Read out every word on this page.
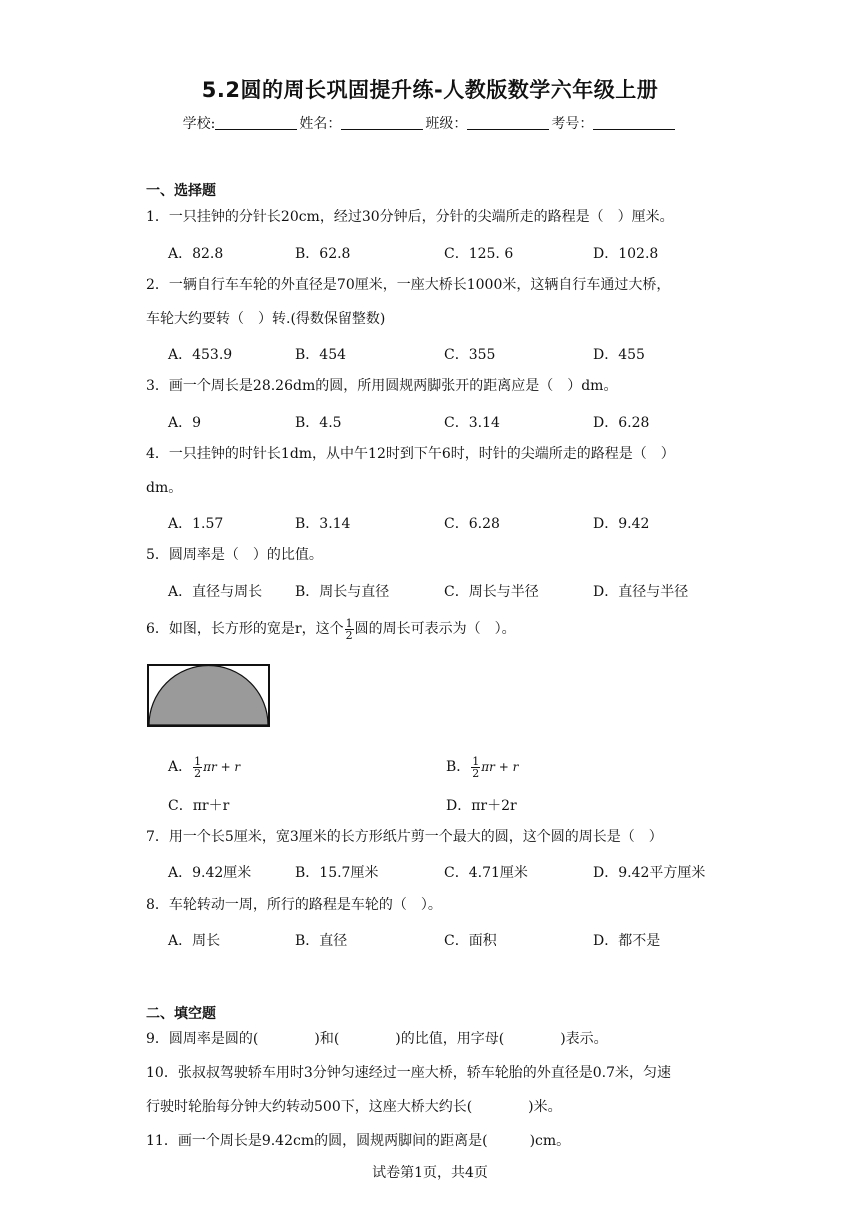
5.2圆的周长巩固提升练-人教版数学六年级上册
学校:	姓名：	班级：	考号：
一、选择题
1．一只挂钟的分针长20cm，经过30分钟后，分针的尖端所走的路程是（　）厘米。
A．82.8	B．62.8	C．125. 6	D．102.8
2．一辆自行车车轮的外直径是70厘米，一座大桥长1000米，这辆自行车通过大桥，
车轮大约要转（　）转.(得数保留整数)
A．453.9	B．454	C．355	D．455
3．画一个周长是28.26dm的圆，所用圆规两脚张开的距离应是（　）dm。
A．9	B．4.5	C．3.14	D．6.28
4．一只挂钟的时针长1dm，从中午12时到下午6时，时针的尖端所走的路程是（　）
dm。
A．1.57	B．3.14	C．6.28	D．9.42
5．圆周率是（　）的比值。
A．直径与周长 B．周长与直径	C．周长与半径	D．直径与半径
6．如图，长方形的宽是r，这个 $\frac{1}{2}$ 圆的周长可表示为（　）。
A． $\frac{1}{2}$ πr + r	B． $\frac{1}{2}$ πr + r
C．πr＋r	D．πr＋2r
7．用一个长5厘米，宽3厘米的长方形纸片剪一个最大的圆，这个圆的周长是（　）
A．9.42厘米	B．15.7厘米	C．4.71厘米	D．9.42平方厘米
8．车轮转动一周，所行的路程是车轮的（　）。
A．周长	B．直径	C．面积	D．都不是
二、填空题
9．圆周率是圆的(　　　　)和(　　　　)的比值，用字母(　　　　)表示。
10．张叔叔驾驶轿车用时3分钟匀速经过一座大桥，轿车轮胎的外直径是0.7米，匀速
行驶时轮胎每分钟大约转动500下，这座大桥大约长(　　　　)米。
11．画一个周长是9.42cm的圆，圆规两脚间的距离是(　　　)cm。
试卷第1页，共4页
